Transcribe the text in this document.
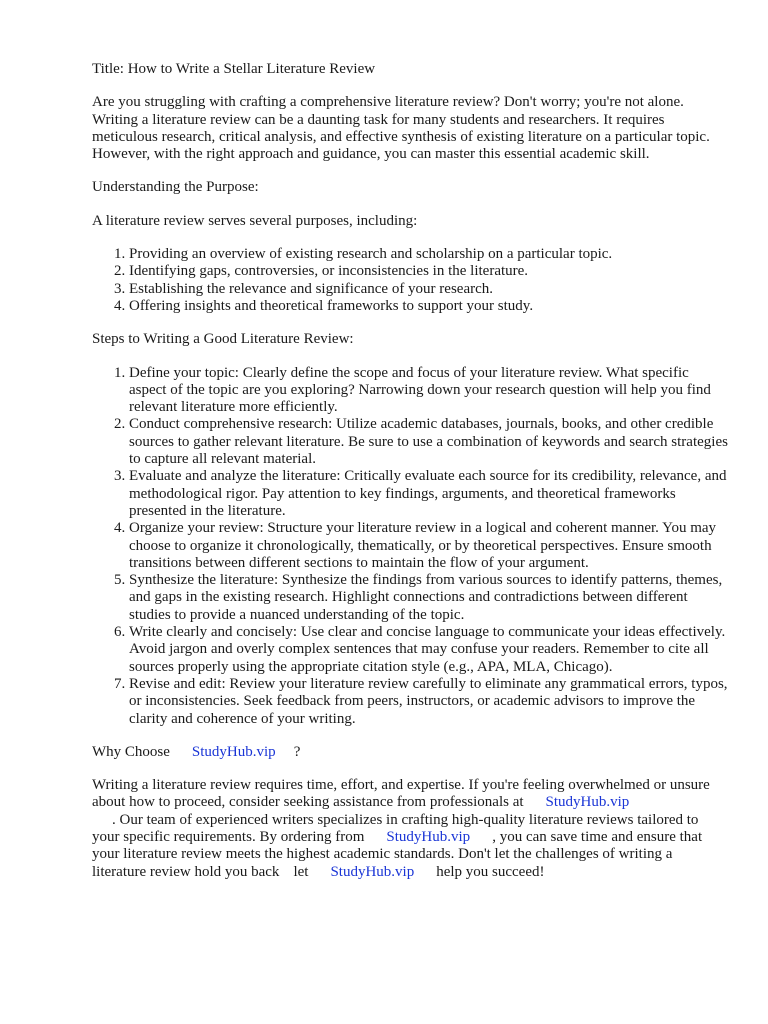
Title: How to Write a Stellar Literature Review

Are you struggling with crafting a comprehensive literature review? Don't worry; you're not alone. Writing a literature review can be a daunting task for many students and researchers. It requires meticulous research, critical analysis, and effective synthesis of existing literature on a particular topic. However, with the right approach and guidance, you can master this essential academic skill.

Understanding the Purpose:

A literature review serves several purposes, including:

1. Providing an overview of existing research and scholarship on a particular topic.
2. Identifying gaps, controversies, or inconsistencies in the literature.
3. Establishing the relevance and significance of your research.
4. Offering insights and theoretical frameworks to support your study.

Steps to Writing a Good Literature Review:

1. Define your topic: Clearly define the scope and focus of your literature review. What specific aspect of the topic are you exploring? Narrowing down your research question will help you find relevant literature more efficiently.
2. Conduct comprehensive research: Utilize academic databases, journals, books, and other credible sources to gather relevant literature. Be sure to use a combination of keywords and search strategies to capture all relevant material.
3. Evaluate and analyze the literature: Critically evaluate each source for its credibility, relevance, and methodological rigor. Pay attention to key findings, arguments, and theoretical frameworks presented in the literature.
4. Organize your review: Structure your literature review in a logical and coherent manner. You may choose to organize it chronologically, thematically, or by theoretical perspectives. Ensure smooth transitions between different sections to maintain the flow of your argument.
5. Synthesize the literature: Synthesize the findings from various sources to identify patterns, themes, and gaps in the existing research. Highlight connections and contradictions between different studies to provide a nuanced understanding of the topic.
6. Write clearly and concisely: Use clear and concise language to communicate your ideas effectively. Avoid jargon and overly complex sentences that may confuse your readers. Remember to cite all sources properly using the appropriate citation style (e.g., APA, MLA, Chicago).
7. Revise and edit: Review your literature review carefully to eliminate any grammatical errors, typos, or inconsistencies. Seek feedback from peers, instructors, or academic advisors to improve the clarity and coherence of your writing.

Why Choose StudyHub.vip ?

Writing a literature review requires time, effort, and expertise. If you're feeling overwhelmed or unsure about how to proceed, consider seeking assistance from professionals at StudyHub.vip
. Our team of experienced writers specializes in crafting high-quality literature reviews tailored to your specific requirements. By ordering from StudyHub.vip , you can save time and ensure that your literature review meets the highest academic standards. Don't let the challenges of writing a literature review hold you back let StudyHub.vip help you succeed!
